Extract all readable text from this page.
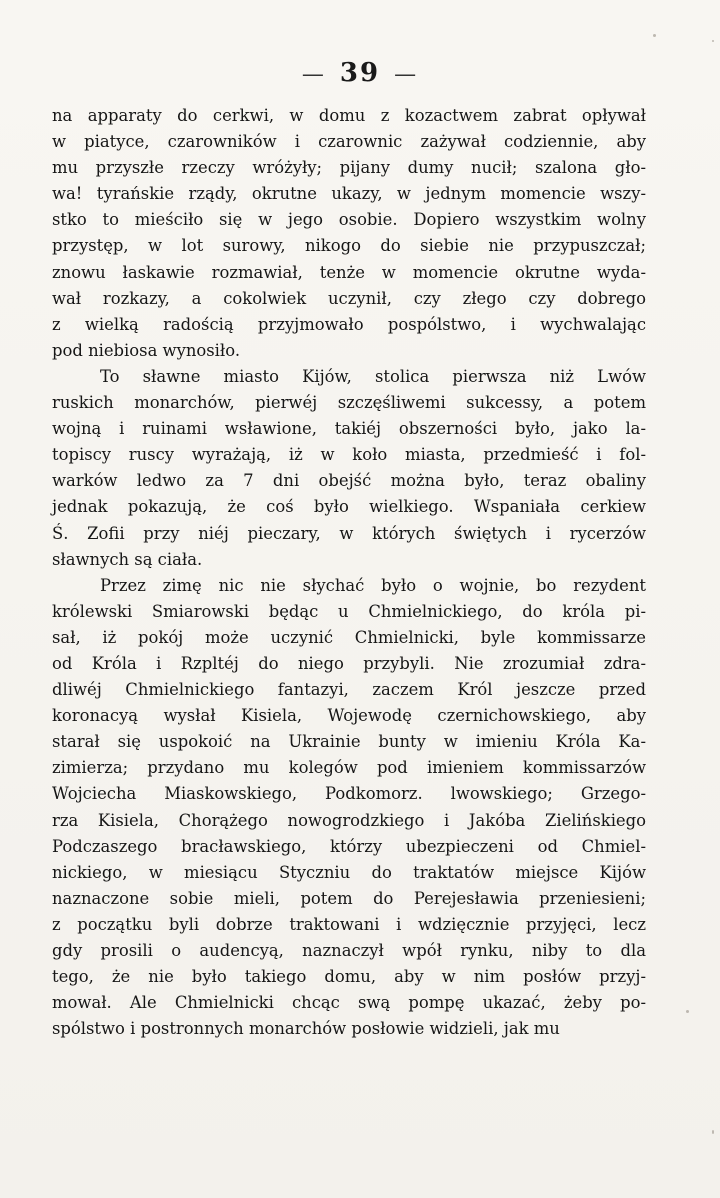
— 39 —
na apparaty do cerkwi, w domu z kozactwem zabrat opływał
w piatyce, czarowników i czarownic zażywał codziennie, aby
mu przyszłe rzeczy wróżyły; pijany dumy nucił; szalona gło-
wa! tyrańskie rządy, okrutne ukazy, w jednym momencie wszy-
stko to mieściło się w jego osobie. Dopiero wszystkim wolny
przystęp, w lot surowy, nikogo do siebie nie przypuszczał;
znowu łaskawie rozmawiał, tenże w momencie okrutne wyda-
wał rozkazy, a cokolwiek uczynił, czy złego czy dobrego
z wielką radością przyjmowało pospólstwo, i wychwalając
pod niebiosa wynosiło.
To sławne miasto Kijów, stolica pierwsza niż Lwów
ruskich monarchów, pierwéj szczęśliwemi sukcessy, a potem
wojną i ruinami wsławione, takiéj obszerności było, jako la-
topiscy ruscy wyrażają, iż w koło miasta, przedmieść i fol-
warków ledwo za 7 dni obejść można było, teraz obaliny
jednak pokazują, że coś było wielkiego. Wspaniała cerkiew
Ś. Zofii przy niéj pieczary, w których świętych i rycerzów
sławnych są ciała.
Przez zimę nic nie słychać było o wojnie, bo rezydent
królewski Smiarowski będąc u Chmielnickiego, do króla pi-
sał, iż pokój może uczynić Chmielnicki, byle kommissarze
od Króla i Rzpltéj do niego przybyli. Nie zrozumiał zdra-
dliwéj Chmielnickiego fantazyi, zaczem Król jeszcze przed
koronacyą wysłał Kisiela, Wojewodę czernichowskiego, aby
starał się uspokoić na Ukrainie bunty w imieniu Króla Ka-
zimierza; przydano mu kolegów pod imieniem kommissarzów
Wojciecha Miaskowskiego, Podkomorz. lwowskiego; Grzego-
rza Kisiela, Chorążego nowogrodzkiego i Jakóba Zielińskiego
Podczaszego bracławskiego, którzy ubezpieczeni od Chmiel-
nickiego, w miesiącu Styczniu do traktatów miejsce Kijów
naznaczone sobie mieli, potem do Perejesławia przeniesieni;
z początku byli dobrze traktowani i wdzięcznie przyjęci, lecz
gdy prosili o audencyą, naznaczył wpół rynku, niby to dla
tego, że nie było takiego domu, aby w nim posłów przyj-
mował. Ale Chmielnicki chcąc swą pompę ukazać, żeby po-
spólstwo i postronnych monarchów posłowie widzieli, jak mu
